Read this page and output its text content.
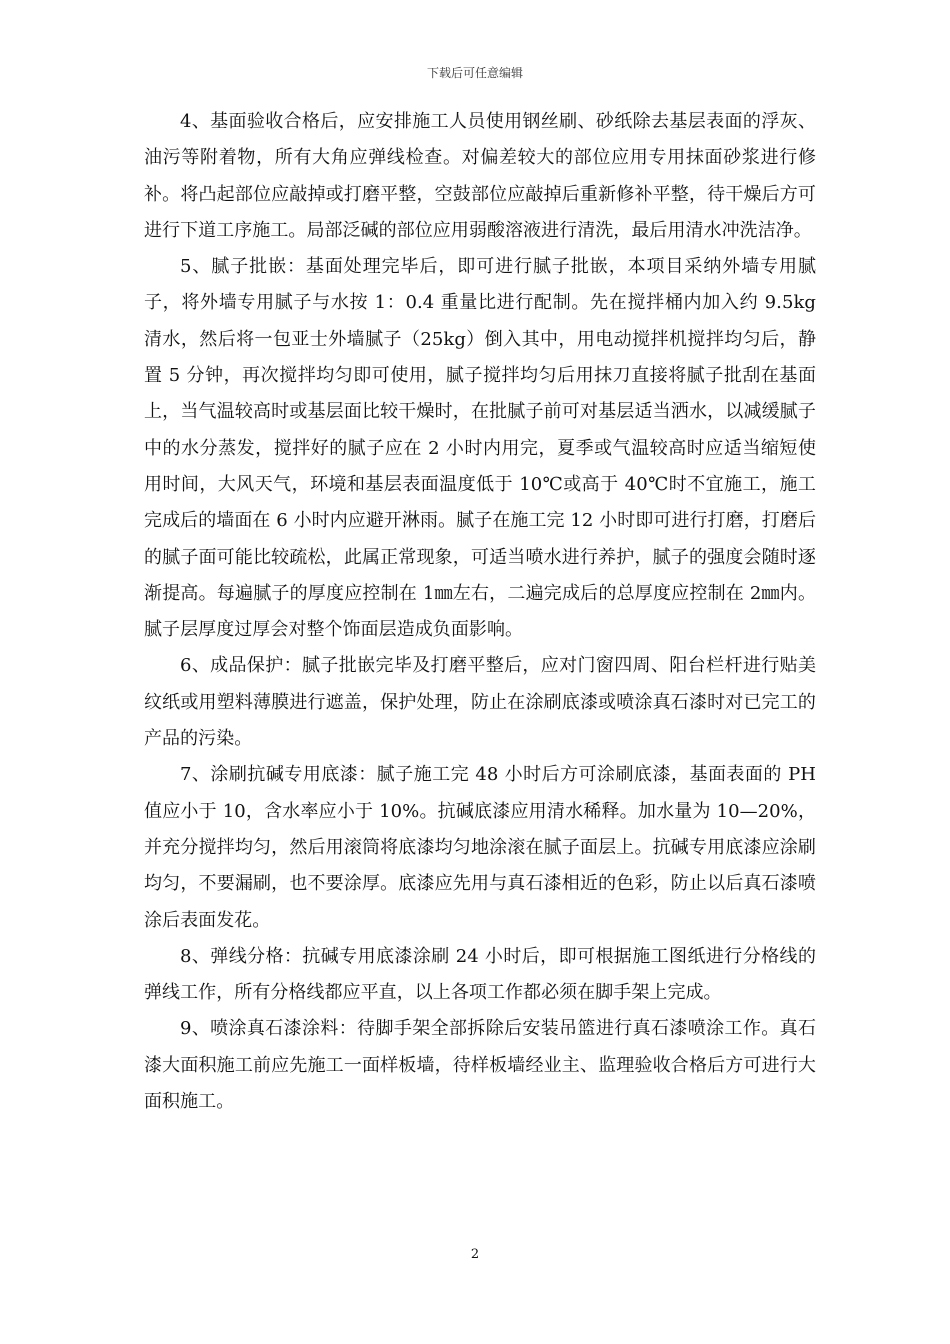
下载后可任意编辑

4、基面验收合格后，应安排施工人员使用钢丝刷、砂纸除去基层表面的浮灰、油污等附着物，所有大角应弹线检查。对偏差较大的部位应用专用抹面砂浆进行修补。将凸起部位应敲掉或打磨平整，空鼓部位应敲掉后重新修补平整，待干燥后方可进行下道工序施工。局部泛碱的部位应用弱酸溶液进行清洗，最后用清水冲洗洁净。

5、腻子批嵌：基面处理完毕后，即可进行腻子批嵌，本项目采纳外墙专用腻子，将外墙专用腻子与水按 1：0.4 重量比进行配制。先在搅拌桶内加入约 9.5kg 清水，然后将一包亚士外墙腻子（25kg）倒入其中，用电动搅拌机搅拌均匀后，静置 5 分钟，再次搅拌均匀即可使用，腻子搅拌均匀后用抹刀直接将腻子批刮在基面上，当气温较高时或基层面比较干燥时，在批腻子前可对基层适当洒水，以减缓腻子中的水分蒸发，搅拌好的腻子应在 2 小时内用完，夏季或气温较高时应适当缩短使用时间，大风天气，环境和基层表面温度低于 10℃或高于 40℃时不宜施工，施工完成后的墙面在 6 小时内应避开淋雨。腻子在施工完 12 小时即可进行打磨，打磨后的腻子面可能比较疏松，此属正常现象，可适当喷水进行养护，腻子的强度会随时逐渐提高。每遍腻子的厚度应控制在 1㎜左右，二遍完成后的总厚度应控制在 2㎜内。腻子层厚度过厚会对整个饰面层造成负面影响。

6、成品保护：腻子批嵌完毕及打磨平整后，应对门窗四周、阳台栏杆进行贴美纹纸或用塑料薄膜进行遮盖，保护处理，防止在涂刷底漆或喷涂真石漆时对已完工的产品的污染。

7、涂刷抗碱专用底漆：腻子施工完 48 小时后方可涂刷底漆，基面表面的 PH 值应小于 10，含水率应小于 10%。抗碱底漆应用清水稀释。加水量为 10—20%，并充分搅拌均匀，然后用滚筒将底漆均匀地涂滚在腻子面层上。抗碱专用底漆应涂刷均匀，不要漏刷，也不要涂厚。底漆应先用与真石漆相近的色彩，防止以后真石漆喷涂后表面发花。

8、弹线分格：抗碱专用底漆涂刷 24 小时后，即可根据施工图纸进行分格线的弹线工作，所有分格线都应平直，以上各项工作都必须在脚手架上完成。

9、喷涂真石漆涂料：待脚手架全部拆除后安装吊篮进行真石漆喷涂工作。真石漆大面积施工前应先施工一面样板墙，待样板墙经业主、监理验收合格后方可进行大面积施工。

2
